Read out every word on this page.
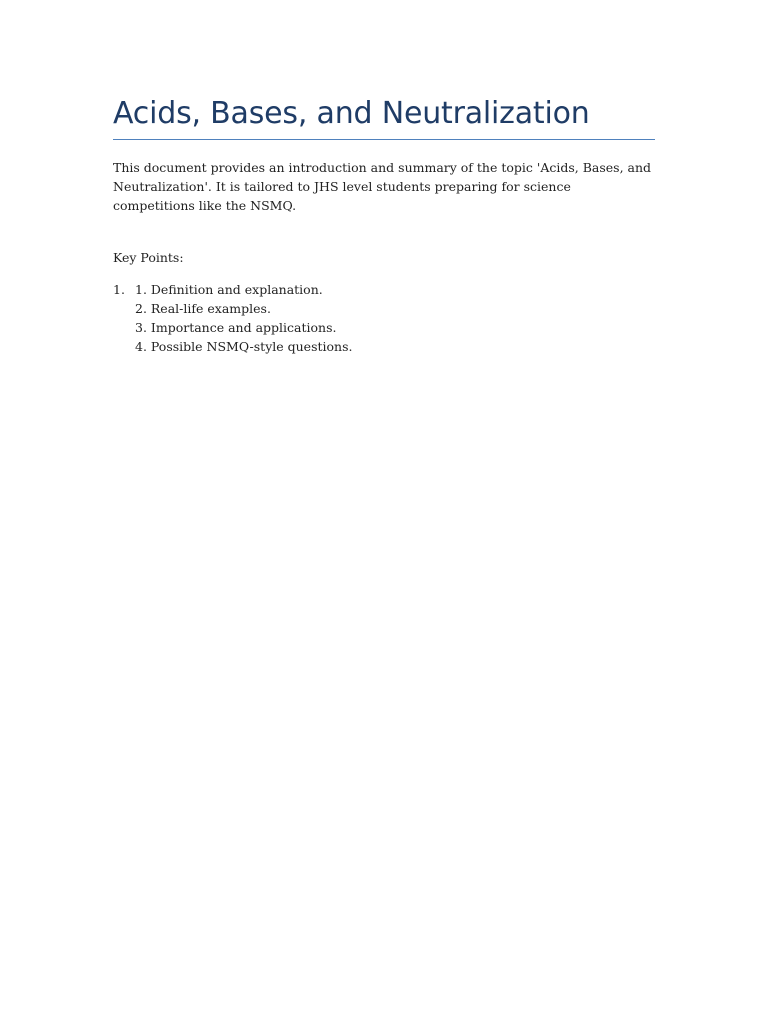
Acids, Bases, and Neutralization

This document provides an introduction and summary of the topic 'Acids, Bases, and Neutralization'. It is tailored to JHS level students preparing for science competitions like the NSMQ.

Key Points:

1. 1. Definition and explanation.
2. Real-life examples.
3. Importance and applications.
4. Possible NSMQ-style questions.
